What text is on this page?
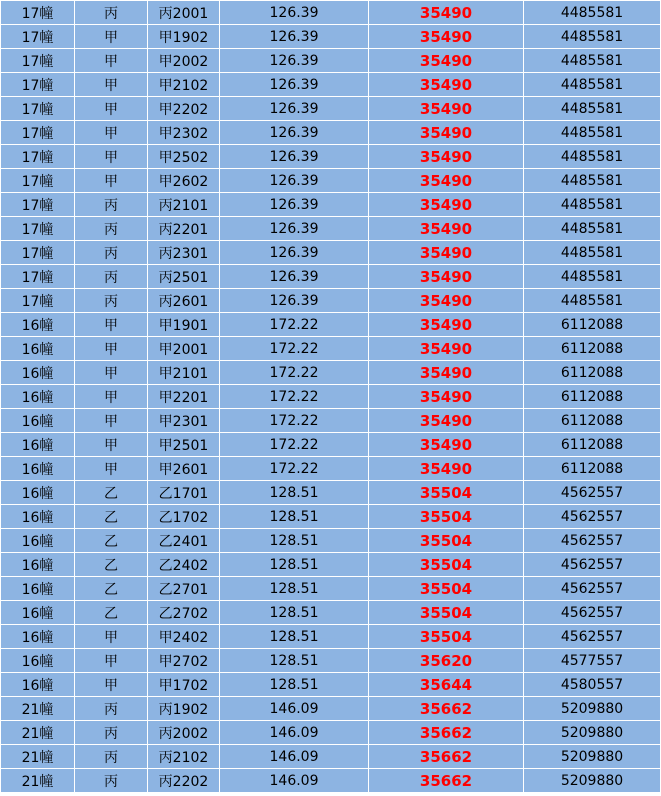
17幢	丙	丙2001	126.39	35490	4485581
17幢	甲	甲1902	126.39	35490	4485581
17幢	甲	甲2002	126.39	35490	4485581
17幢	甲	甲2102	126.39	35490	4485581
17幢	甲	甲2202	126.39	35490	4485581
17幢	甲	甲2302	126.39	35490	4485581
17幢	甲	甲2502	126.39	35490	4485581
17幢	甲	甲2602	126.39	35490	4485581
17幢	丙	丙2101	126.39	35490	4485581
17幢	丙	丙2201	126.39	35490	4485581
17幢	丙	丙2301	126.39	35490	4485581
17幢	丙	丙2501	126.39	35490	4485581
17幢	丙	丙2601	126.39	35490	4485581
16幢	甲	甲1901	172.22	35490	6112088
16幢	甲	甲2001	172.22	35490	6112088
16幢	甲	甲2101	172.22	35490	6112088
16幢	甲	甲2201	172.22	35490	6112088
16幢	甲	甲2301	172.22	35490	6112088
16幢	甲	甲2501	172.22	35490	6112088
16幢	甲	甲2601	172.22	35490	6112088
16幢	乙	乙1701	128.51	35504	4562557
16幢	乙	乙1702	128.51	35504	4562557
16幢	乙	乙2401	128.51	35504	4562557
16幢	乙	乙2402	128.51	35504	4562557
16幢	乙	乙2701	128.51	35504	4562557
16幢	乙	乙2702	128.51	35504	4562557
16幢	甲	甲2402	128.51	35504	4562557
16幢	甲	甲2702	128.51	35620	4577557
16幢	甲	甲1702	128.51	35644	4580557
21幢	丙	丙1902	146.09	35662	5209880
21幢	丙	丙2002	146.09	35662	5209880
21幢	丙	丙2102	146.09	35662	5209880
21幢	丙	丙2202	146.09	35662	5209880
